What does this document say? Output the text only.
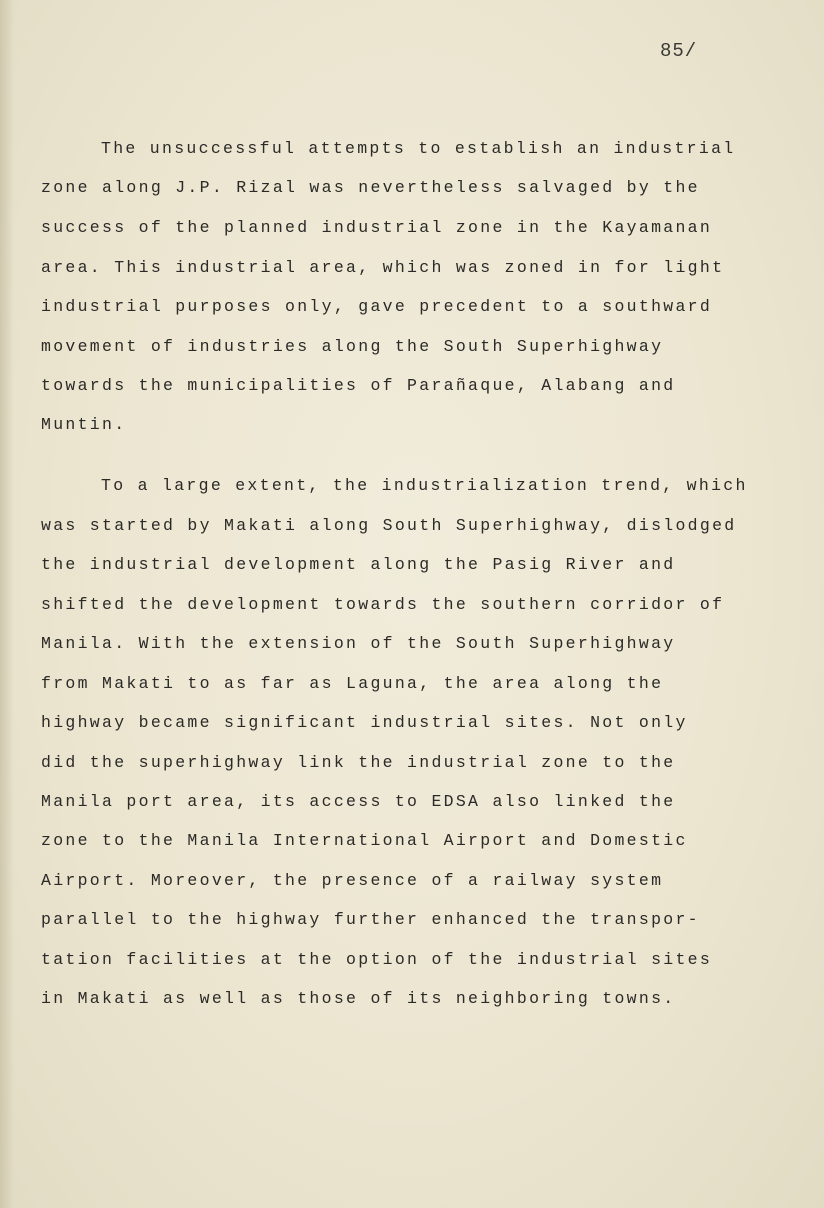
85/
The unsuccessful attempts to establish an industrial
zone along J.P. Rizal was nevertheless salvaged by the
success of the planned industrial zone in the Kayamanan
area. This industrial area, which was zoned in for light
industrial purposes only, gave precedent to a southward
movement of industries along the South Superhighway
towards the municipalities of Parañaque, Alabang and
Muntin.
To a large extent, the industrialization trend, which
was started by Makati along South Superhighway, dislodged
the industrial development along the Pasig River and
shifted the development towards the southern corridor of
Manila. With the extension of the South Superhighway
from Makati to as far as Laguna, the area along the
highway became significant industrial sites. Not only
did the superhighway link the industrial zone to the
Manila port area, its access to EDSA also linked the
zone to the Manila International Airport and Domestic
Airport. Moreover, the presence of a railway system
parallel to the highway further enhanced the transpor-
tation facilities at the option of the industrial sites
in Makati as well as those of its neighboring towns.
